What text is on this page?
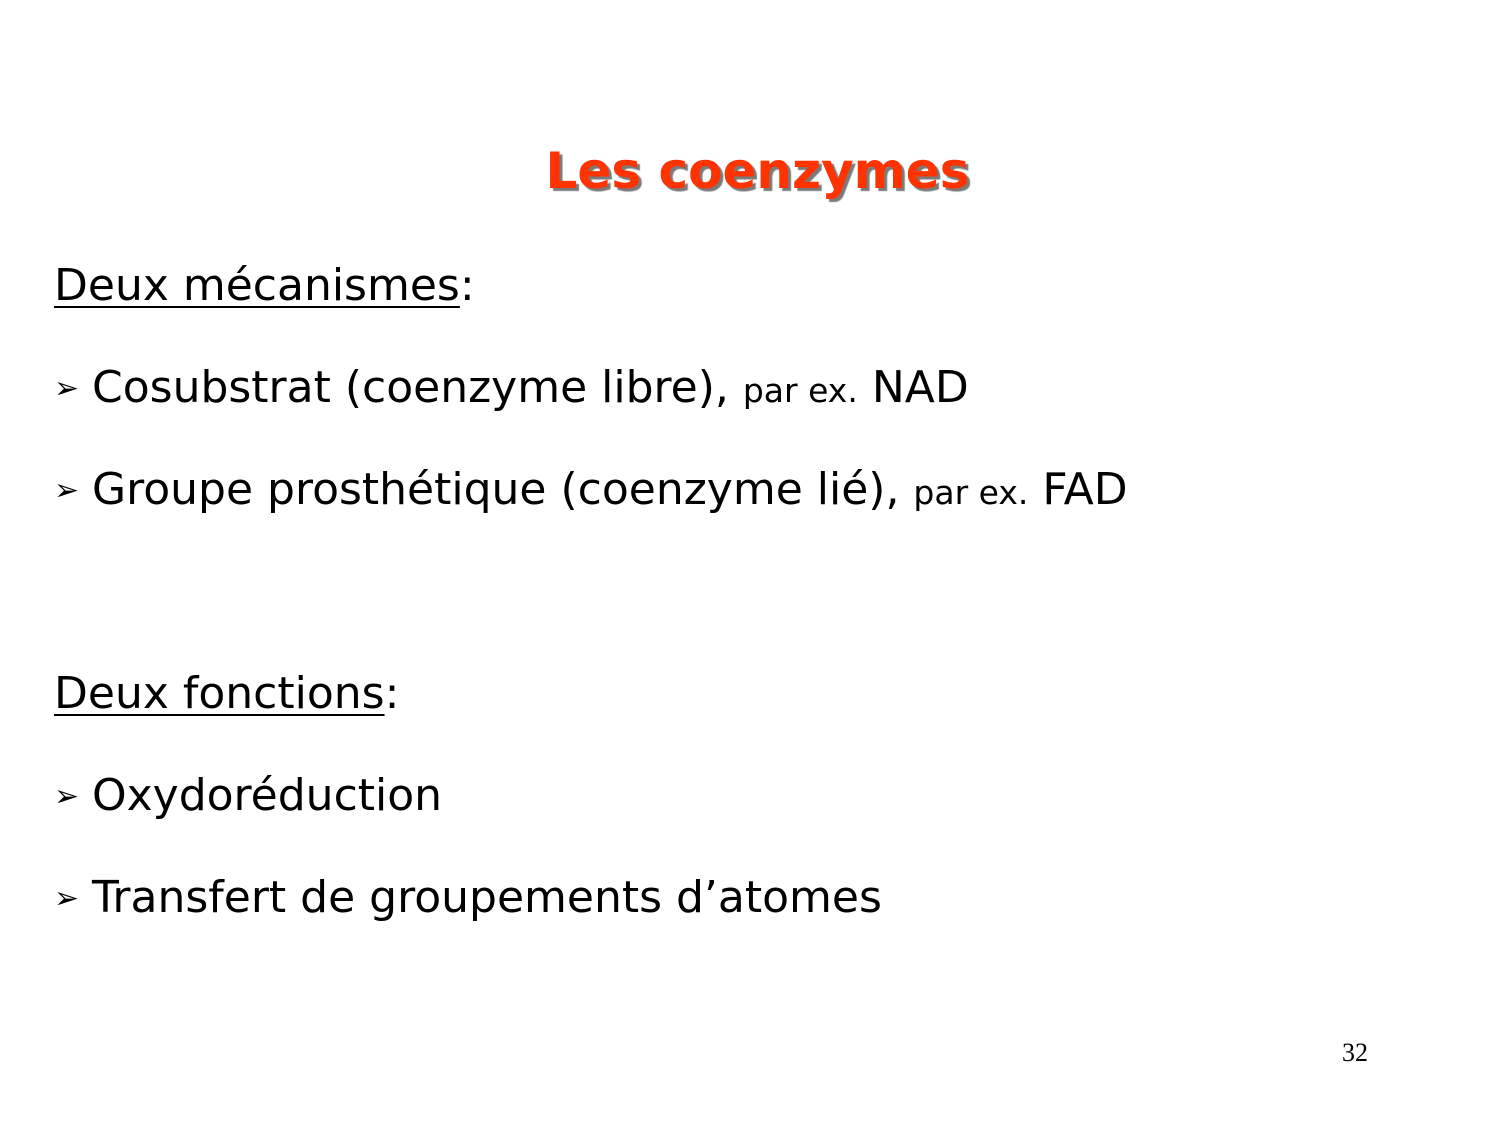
Les coenzymes
Deux mécanismes:
➢ Cosubstrat (coenzyme libre), par ex. NAD
➢ Groupe prosthétique (coenzyme lié), par ex. FAD
Deux fonctions:
➢ Oxydoréduction
➢ Transfert de groupements d’atomes
32
